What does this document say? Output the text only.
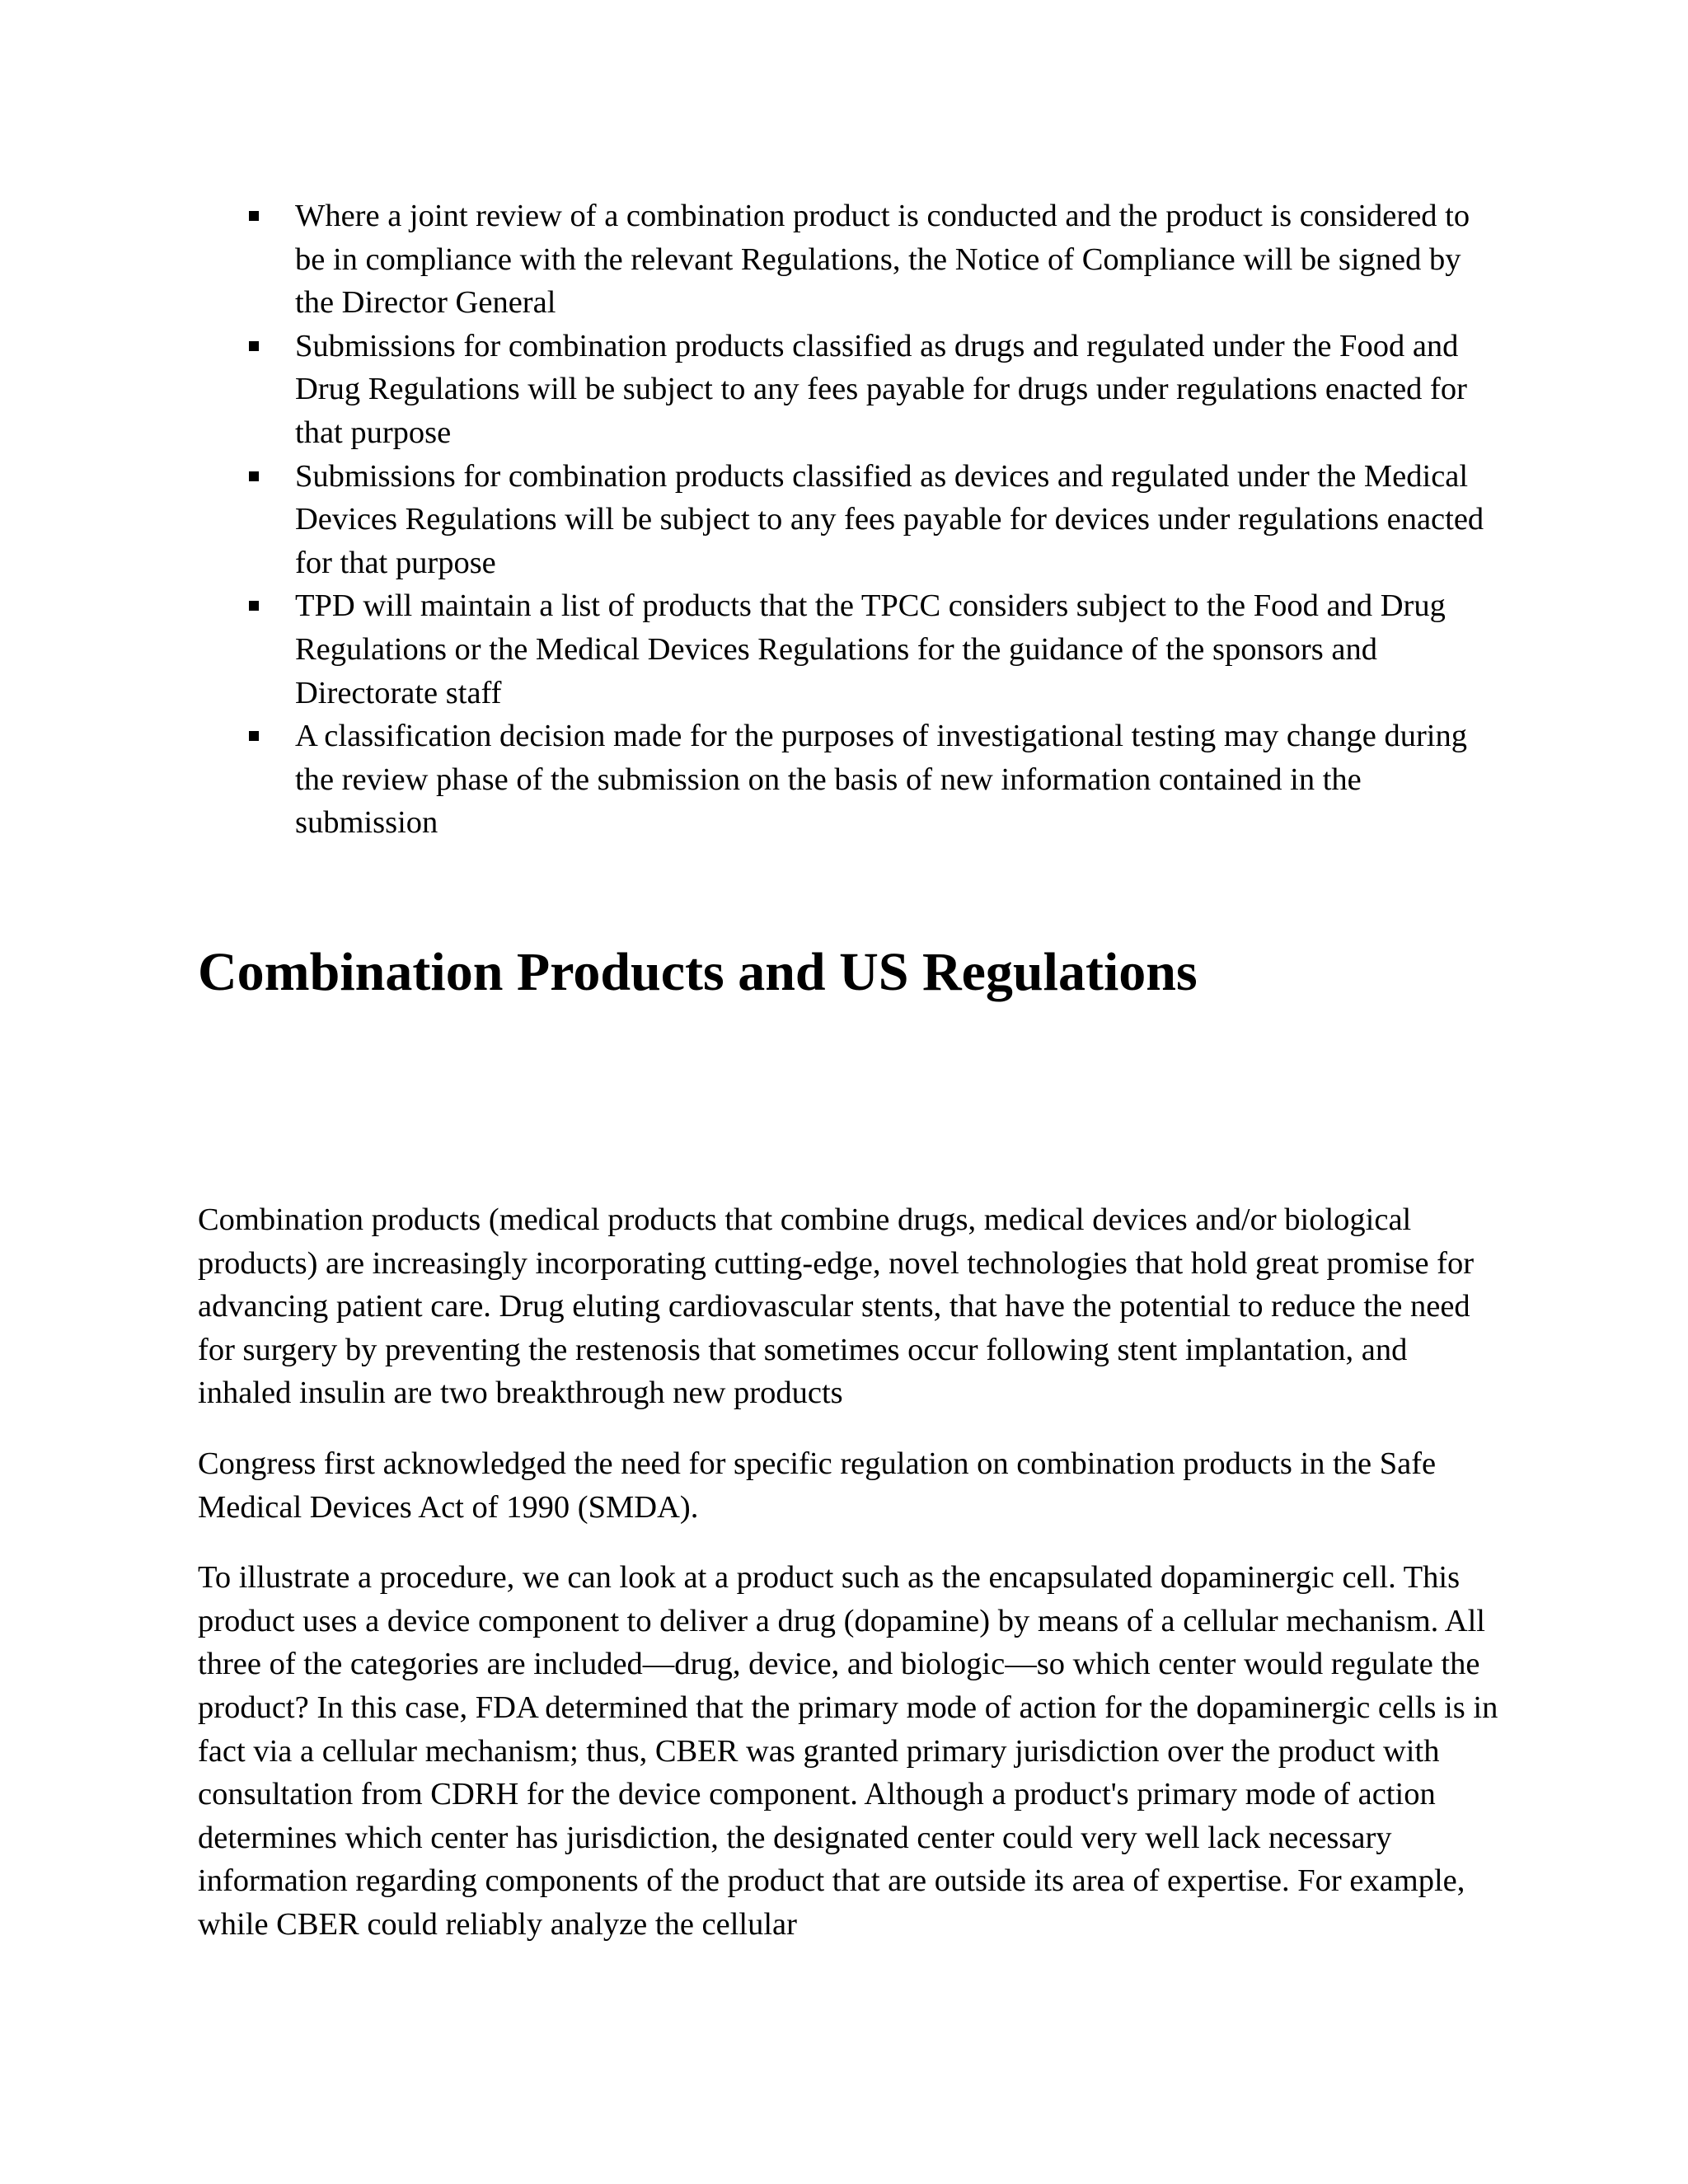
Where a joint review of a combination product is conducted and the product is considered to be in compliance with the relevant Regulations, the Notice of Compliance will be signed by the Director General
Submissions for combination products classified as drugs and regulated under the Food and Drug Regulations will be subject to any fees payable for drugs under regulations enacted for that purpose
Submissions for combination products classified as devices and regulated under the Medical Devices Regulations will be subject to any fees payable for devices under regulations enacted for that purpose
TPD will maintain a list of products that the TPCC considers subject to the Food and Drug Regulations or the Medical Devices Regulations for the guidance of the sponsors and Directorate staff
A classification decision made for the purposes of investigational testing may change during the review phase of the submission on the basis of new information contained in the submission
Combination Products and US Regulations

Combination products (medical products that combine drugs, medical devices and/or biological products) are increasingly incorporating cutting-edge, novel technologies that hold great promise for advancing patient care. Drug eluting cardiovascular stents, that have the potential to reduce the need for surgery by preventing the restenosis that sometimes occur following stent implantation, and inhaled insulin are two breakthrough new products

Congress first acknowledged the need for specific regulation on combination products in the Safe Medical Devices Act of 1990 (SMDA).

To illustrate a procedure, we can look at a product such as the encapsulated dopaminergic cell. This product uses a device component to deliver a drug (dopamine) by means of a cellular mechanism. All three of the categories are included—drug, device, and biologic—so which center would regulate the product? In this case, FDA determined that the primary mode of action for the dopaminergic cells is in fact via a cellular mechanism; thus, CBER was granted primary jurisdiction over the product with consultation from CDRH for the device component. Although a product's primary mode of action determines which center has jurisdiction, the designated center could very well lack necessary information regarding components of the product that are outside its area of expertise. For example, while CBER could reliably analyze the cellular
